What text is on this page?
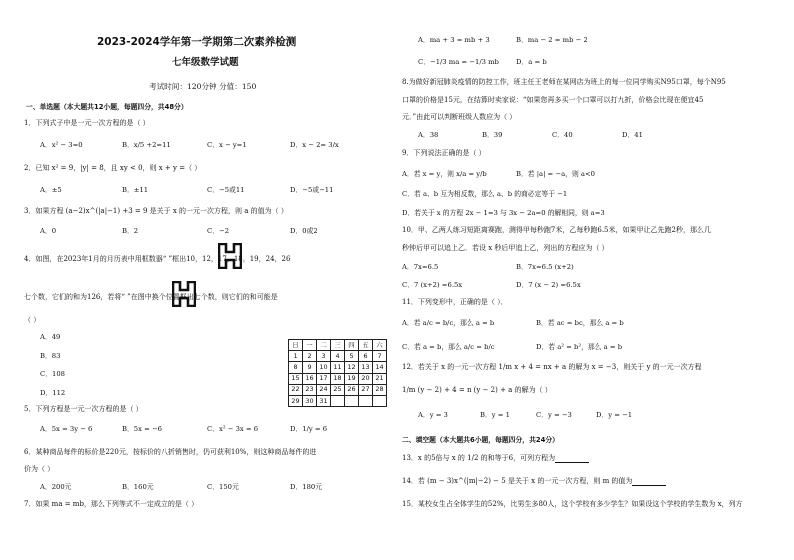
2023-2024学年第一学期第二次素养检测
七年级数学试题
考试时间：120分钟 分值：150
一、单选题（本大题共12小题，每题四分，共48分）
1．下列式子中是一元一次方程的是（ ）
A．x² − 3=0	B．x/5 +2=11	C．x − y=1	D．x − 2= 3/x
2．已知 x² = 9，|y| = 8，且 xy < 0，则 x + y =（ ）
A．±5	B．±11	C．−5或11	D．−5或−11
3．如果方程 (a−2)x^(|a|−1) +3 = 9 是关于 x 的一元一次方程，则 a 的值为（ ）
A．0	B．2	C．−2	D．0或2
4．如图，在2023年1月的月历表中用框数器“ ”框出10，12，17，18，19，24，26
七个数，它们的和为126，若将“ ”在图中换个位置框出七个数，则它们的和可能是
（ ）
A．49
B．83
C．108
D．112
日	一	二	三	四	五	六
1	2	3	4	5	6	7
8	9	10	11	12	13	14
15	16	17	18	19	20	21
22	23	24	25	26	27	28
29	30	31				
5．下列方程是一元一次方程的是（ ）
A．5x = 3y − 6	B．5x = −6	C．x² − 3x = 6	D．1/y = 6
6．某种商品每件的标价是220元，按标价的八折销售时，仍可获利10%，则这种商品每件的进
价为（ ）
A．200元	B．160元	C．150元	D．180元
7．如果 ma = mb，那么下列等式不一定成立的是（ ）
A．ma + 3 = mb + 3	B．ma − 2 = mb − 2
C．−1/3 ma = −1/3 mb	D．a = b
8.为做好新冠肺炎疫情的防控工作，班主任王老师在某网店为班上的每一位同学购买N95口罩，每个N95
口罩的价格是15元，在结算时卖家说：“如果您再多买一个口罩可以打九折，价格会比现在便宜45
元．”由此可以判断班级人数应为（ ）
A．38	B．39	C．40	D．41
9．下列说法正确的是（ ）
A．若 x = y，则 x/a = y/b	B．若 |a| = −a，则 a<0
C．若 a、b 互为相反数，那么 a、b 的商必定等于 −1
D．若关于 x 的方程 2x − 1=3 与 3x − 2a=0 的解相同，则 a=3
10．甲、乙两人练习短距离赛跑，测得甲每秒跑7米，乙每秒跑6.5米，如果甲让乙先跑2秒，那么几
秒钟后甲可以追上乙．若设 x 秒后甲追上乙，列出的方程应为（ ）
A．7x=6.5	B．7x=6.5 (x+2)
C．7 (x+2) =6.5x	D．7 (x − 2) =6.5x
11．下列变形中，正确的是（ ）．
A．若 a/c = b/c，那么 a = b	B．若 ac = bc，那么 a = b
C．若 a = b，那么 a/c = b/c	D．若 a² = b²，那么 a = b
12．若关于 x 的一元一次方程 1/m x + 4 = nx + a 的解为 x = −3，则关于 y 的一元一次方程
1/m (y − 2) + 4 = n (y − 2) + a 的解为（ ）
A．y = 3	B．y = 1	C．y = −3	D．y = −1
二、填空题（本大题共6小题，每题四分，共24分）
13．x 的5倍与 x 的 1/2 的和等于6，可列方程为
14．若 (m − 3)x^(|m|−2) − 5 是关于 x 的一元一次方程，则 m 的值为
15．某校女生占全体学生的52%，比男生多80人，这个学校有多少学生？如果设这个学校的学生数为 x，列方
